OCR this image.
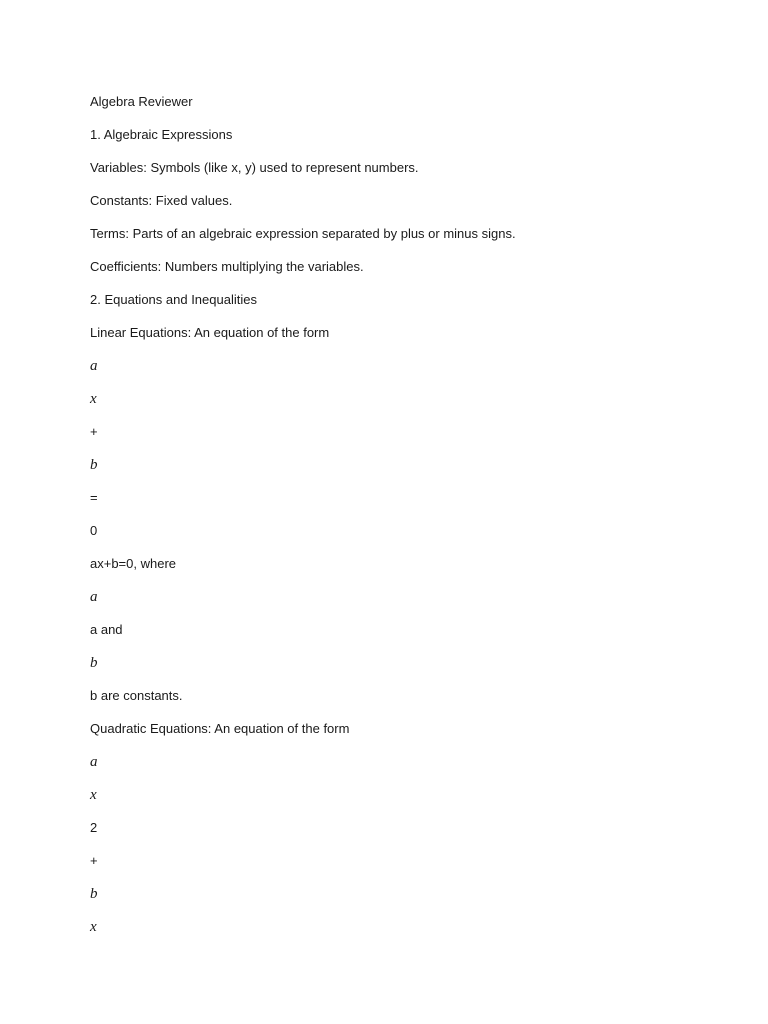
Algebra Reviewer
1. Algebraic Expressions
Variables: Symbols (like x, y) used to represent numbers.
Constants: Fixed values.
Terms: Parts of an algebraic expression separated by plus or minus signs.
Coefficients: Numbers multiplying the variables.
2. Equations and Inequalities
Linear Equations: An equation of the form
a
x
+
b
=
0
ax+b=0, where
a
a and
b
b are constants.
Quadratic Equations: An equation of the form
a
x
2
+
b
x
